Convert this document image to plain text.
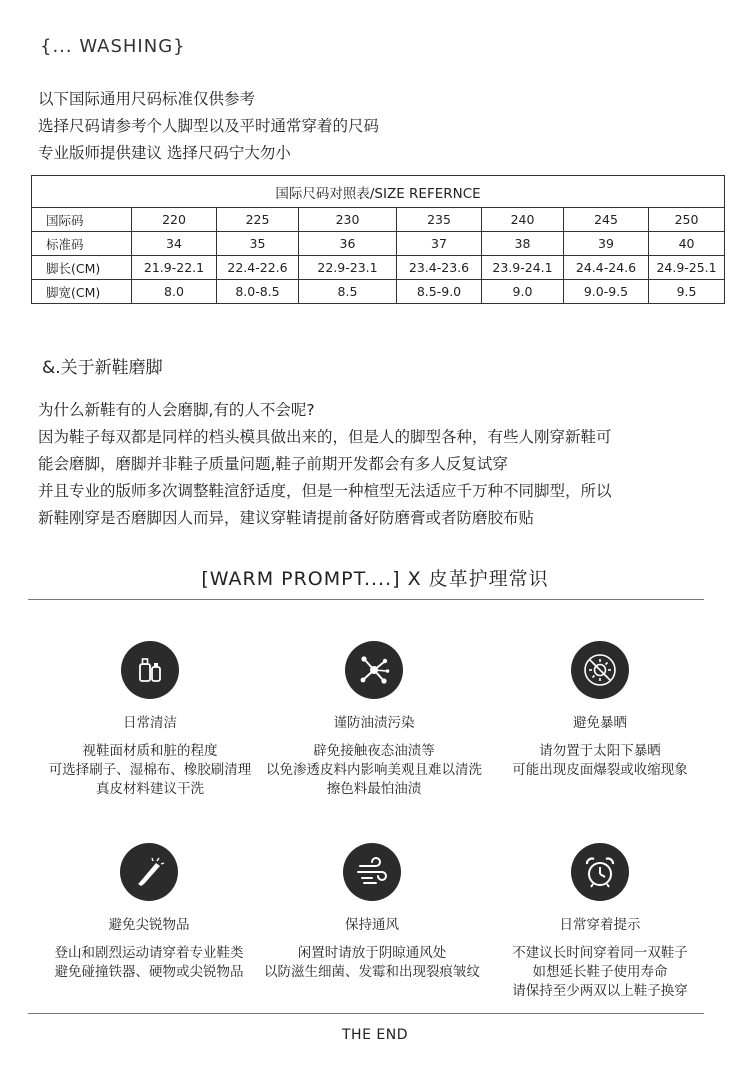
{... WASHING}
以下国际通用尺码标准仅供参考
选择尺码请参考个人脚型以及平时通常穿着的尺码
专业版师提供建议 选择尺码宁大勿小
国际尺码对照表/SIZE REFERNCE							
国际码	220	225	230	235	240	245	250
标准码	34	35	36	37	38	39	40
脚长(CM)	21.9-22.1	22.4-22.6	22.9-23.1	23.4-23.6	23.9-24.1	24.4-24.6	24.9-25.1
脚宽(CM)	8.0	8.0-8.5	8.5	8.5-9.0	9.0	9.0-9.5	9.5
&.关于新鞋磨脚
为什么新鞋有的人会磨脚,有的人不会呢?
因为鞋子每双都是同样的档头模具做出来的，但是人的脚型各种，有些人刚穿新鞋可
能会磨脚，磨脚并非鞋子质量问题,鞋子前期开发都会有多人反复试穿
并且专业的版师多次调整鞋渲舒适度，但是一种楦型无法适应千万种不同脚型，所以
新鞋刚穿是否磨脚因人而异，建议穿鞋请提前备好防磨膏或者防磨胶布贴
[WARM PROMPT....] X 皮革护理常识
日常清洁
视鞋面材质和脏的程度
可选择刷子、湿棉布、橡胶刷清理
真皮材料建议干洗
谨防油渍污染
辟免接触夜态油渍等
以免渗透皮料内影响美观且难以清洗
擦色料最怕油渍
避免暴晒
请勿置于太阳下暴晒
可能出现皮面爆裂或收缩现象
避免尖锐物品
登山和剧烈运动请穿着专业鞋类
避免碰撞铁器、硬物或尖锐物品
保持通风
闲置时请放于阴晾通风处
以防滋生细菌、发霉和出现裂痕皱纹
日常穿着提示
不建议长时间穿着同一双鞋子
如想延长鞋子使用寿命
请保持至少两双以上鞋子换穿
THE END
